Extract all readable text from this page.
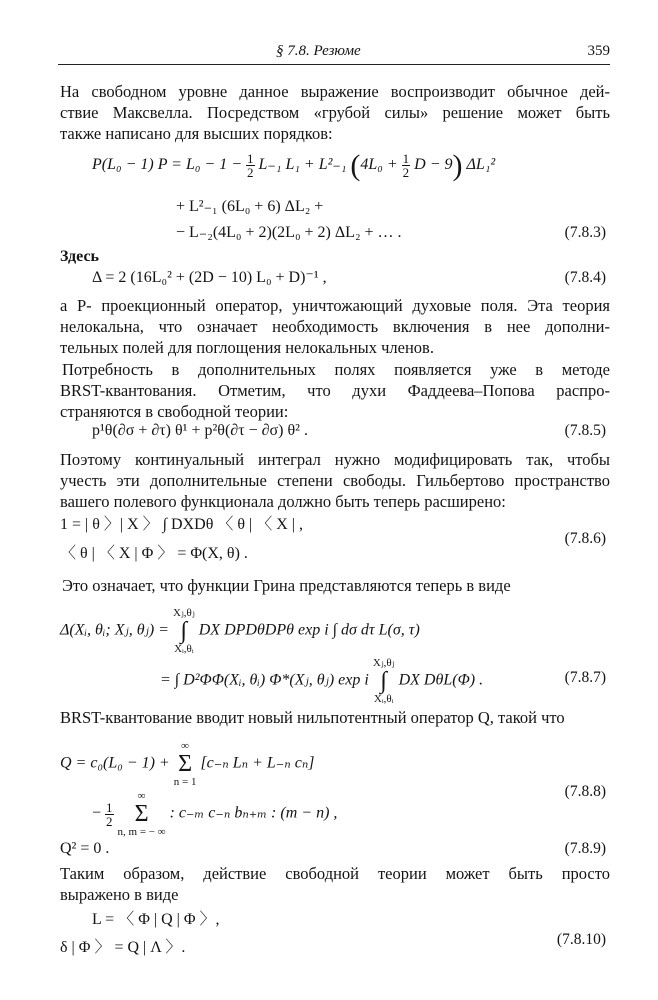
§ 7.8. Резюме	359
На свободном уровне данное выражение воспроизводит обычное дей-
ствие Максвелла. Посредством «грубой силы» решение может быть
также написано для высших порядков:
P(L₀ − 1) $P = L_0 - 1 - \frac{1}{2} L_{-1}$ L₁ + L²₋₁ ($4L_0 + \frac{1}{2}$ D − 9) ΔL₁²
+ L²₋₁ (6L₀ + 6) ΔL₂ +
− L₋₂(4L₀ + 2)(2L₀ + 2) ΔL₂ + … .	(7.8.3)
Здесь
Δ = 2 (16L₀² + (2D − 10) L₀ + D)⁻¹ ,	(7.8.4)
а P- проекционный оператор, уничтожающий духовые поля. Эта теория
нелокальна, что означает необходимость включения в нее дополни-
тельных полей для поглощения нелокальных членов.
Потребность в дополнительных полях появляется уже в методе
BRST-квантования. Отметим, что духи Фаддеева–Попова распро-
страняются в свободной теории:
p¹θ(∂σ + ∂τ) θ¹ + p²θ(∂τ − ∂σ) θ² .	(7.8.5)
Поэтому континуальный интеграл нужно модифицировать так, чтобы
учесть эти дополнительные степени свободы. Гильбертово пространство
вашего полевого функционала должно быть теперь расширено:
1 = | θ 〉| X 〉 ∫ DXDθ 〈 θ | 〈 X | ,
〈 θ | 〈 X | Φ 〉 = Φ(X, θ) .
(7.8.6)
Это означает, что функции Грина представляются теперь в виде
Δ(Xᵢ, θᵢ; Xⱼ, θⱼ) = Xⱼ,θⱼ
∫
Xᵢ,θᵢ DX DPDθDPθ exp i ∫ dσ dτ L(σ, τ)
= ∫ D²ΦΦ(Xᵢ, θᵢ) Φ*(Xⱼ, θⱼ) exp i Xⱼ,θⱼ
∫
Xᵢ,θᵢ DX DθL(Φ) .	(7.8.7)
BRST-квантование вводит новый нильпотентный оператор Q, такой что
Q = c₀(L₀ − 1) + ∞
Σ
n = 1 [c₋ₙ Lₙ + L₋ₙ cₙ]
− $\frac{1}{2}$
∞
Σ
n, m = − ∞ : c₋ₘ c₋ₙ bₙ₊ₘ : (m − n) ,
(7.8.8)
Q² = 0 .	(7.8.9)
Таким образом, действие свободной теории может быть просто
выражено в виде
L = 〈 Φ | Q | Φ 〉,
δ | Φ 〉 = Q | Λ 〉.	(7.8.10)
